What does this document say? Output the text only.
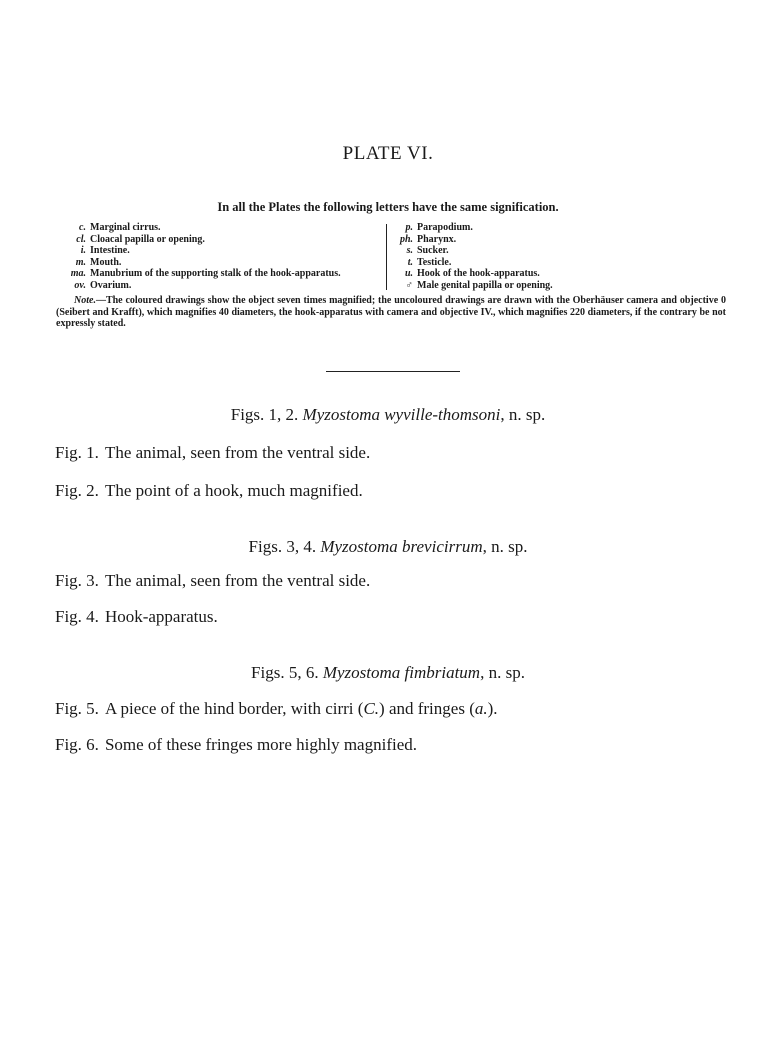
PLATE VI.
In all the Plates the following letters have the same signification.
c. Marginal cirrus.
cl. Cloacal papilla or opening.
i. Intestine.
m. Mouth.
ma. Manubrium of the supporting stalk of the hook-apparatus.
ov. Ovarium.
p. Parapodium.
ph. Pharynx.
s. Sucker.
t. Testicle.
u. Hook of the hook-apparatus.
♂ Male genital papilla or opening.
Note.—The coloured drawings show the object seven times magnified; the uncoloured drawings are drawn with the Oberhäuser camera and objective 0 (Seibert and Krafft), which magnifies 40 diameters, the hook-apparatus with camera and objective IV., which magnifies 220 diameters, if the contrary be not expressly stated.
Figs. 1, 2. Myzostoma wyville-thomsoni, n. sp.
Fig. 1. The animal, seen from the ventral side.
Fig. 2. The point of a hook, much magnified.
Figs. 3, 4. Myzostoma brevicirrum, n. sp.
Fig. 3. The animal, seen from the ventral side.
Fig. 4. Hook-apparatus.
Figs. 5, 6. Myzostoma fimbriatum, n. sp.
Fig. 5. A piece of the hind border, with cirri (C.) and fringes (a.).
Fig. 6. Some of these fringes more highly magnified.
